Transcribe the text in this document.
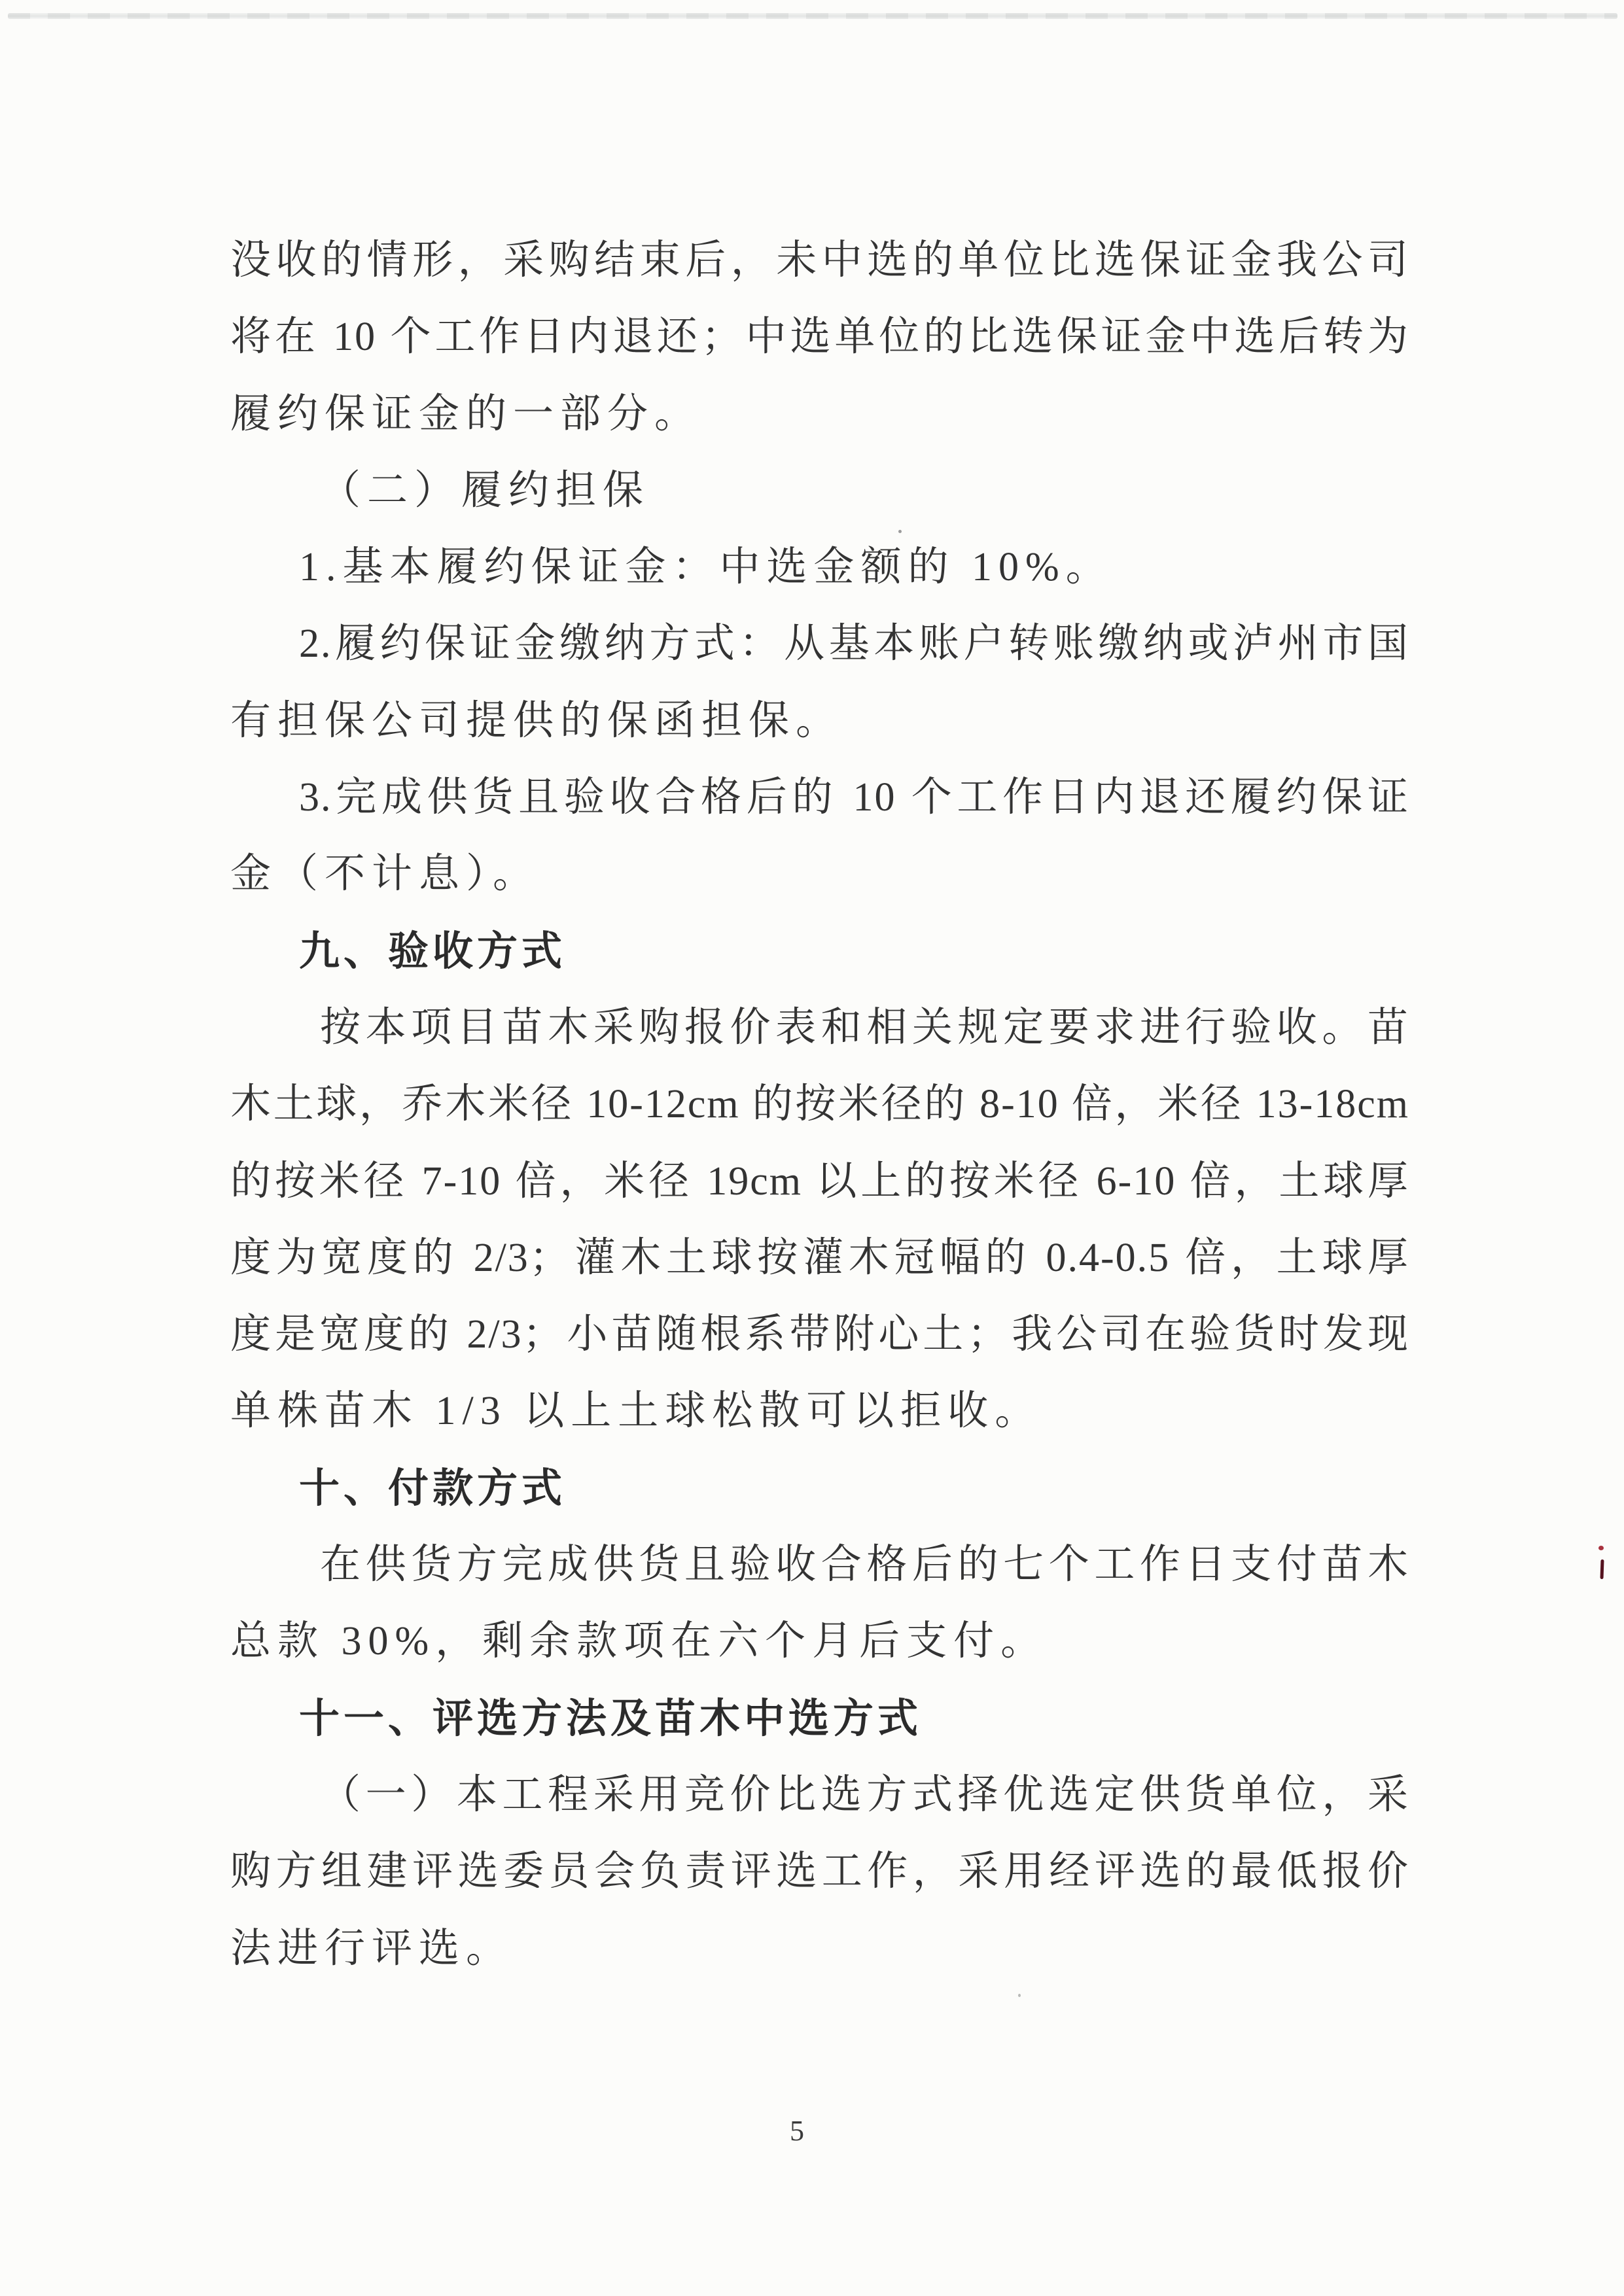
没收的情形，采购结束后，未中选的单位比选保证金我公司
将在 10 个工作日内退还；中选单位的比选保证金中选后转为
履约保证金的一部分。
（二）履约担保
1.基本履约保证金：中选金额的 10%。
2.履约保证金缴纳方式：从基本账户转账缴纳或泸州市国
有担保公司提供的保函担保。
3.完成供货且验收合格后的 10 个工作日内退还履约保证
金（不计息）。
九、验收方式
按本项目苗木采购报价表和相关规定要求进行验收。苗
木土球，乔木米径 10-12cm 的按米径的 8-10 倍，米径 13-18cm
的按米径 7-10 倍，米径 19cm 以上的按米径 6-10 倍，土球厚
度为宽度的 2/3；灌木土球按灌木冠幅的 0.4-0.5 倍，土球厚
度是宽度的 2/3；小苗随根系带附心土；我公司在验货时发现
单株苗木 1/3 以上土球松散可以拒收。
十、付款方式
在供货方完成供货且验收合格后的七个工作日支付苗木
总款 30%，剩余款项在六个月后支付。
十一、评选方法及苗木中选方式
（一）本工程采用竞价比选方式择优选定供货单位，采
购方组建评选委员会负责评选工作，采用经评选的最低报价
法进行评选。
5
